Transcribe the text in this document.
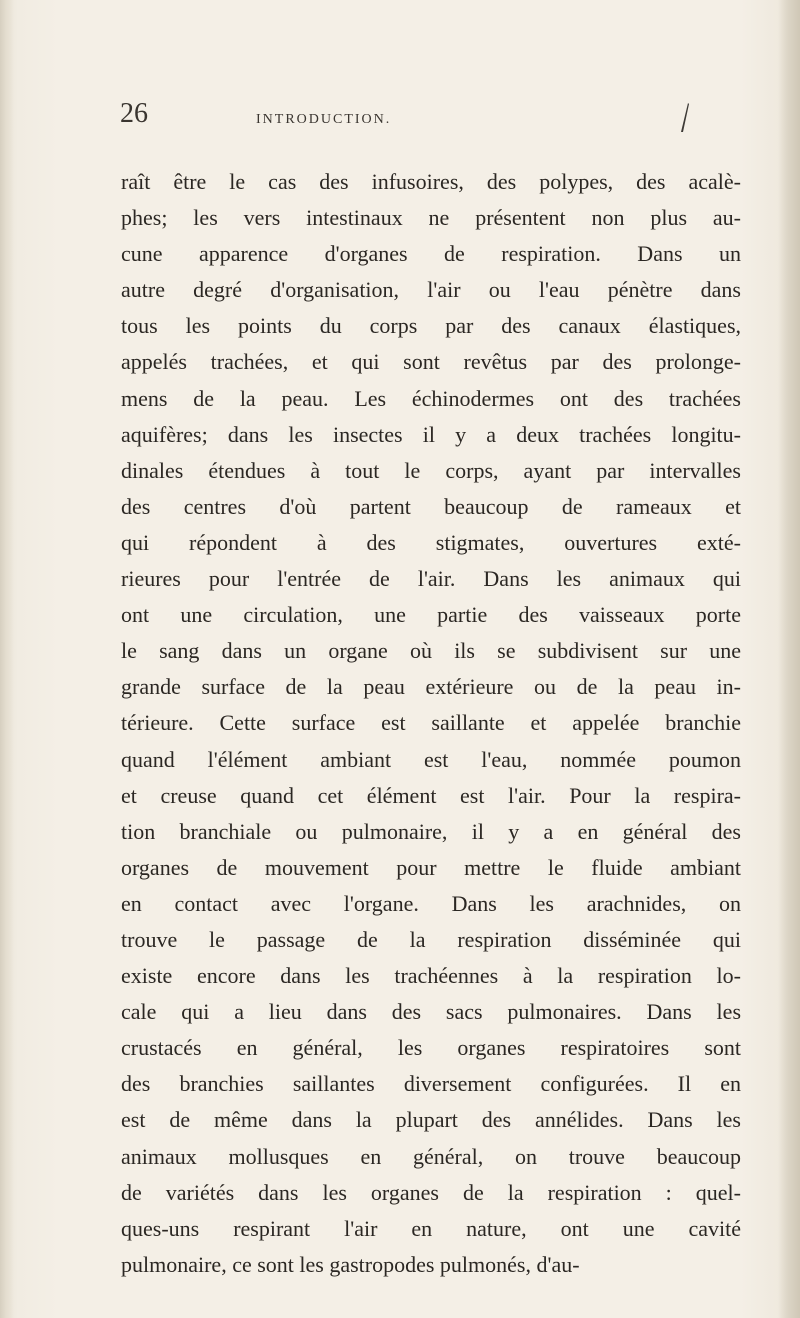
26	INTRODUCTION.
raît être le cas des infusoires, des polypes, des acalè-
phes; les vers intestinaux ne présentent non plus au-
cune apparence d'organes de respiration. Dans un
autre degré d'organisation, l'air ou l'eau pénètre dans
tous les points du corps par des canaux élastiques,
appelés trachées, et qui sont revêtus par des prolonge-
mens de la peau. Les échinodermes ont des trachées
aquifères; dans les insectes il y a deux trachées longitu-
dinales étendues à tout le corps, ayant par intervalles
des centres d'où partent beaucoup de rameaux et
qui répondent à des stigmates, ouvertures exté-
rieures pour l'entrée de l'air. Dans les animaux qui
ont une circulation, une partie des vaisseaux porte
le sang dans un organe où ils se subdivisent sur une
grande surface de la peau extérieure ou de la peau in-
térieure. Cette surface est saillante et appelée branchie
quand l'élément ambiant est l'eau, nommée poumon
et creuse quand cet élément est l'air. Pour la respira-
tion branchiale ou pulmonaire, il y a en général des
organes de mouvement pour mettre le fluide ambiant
en contact avec l'organe. Dans les arachnides, on
trouve le passage de la respiration disséminée qui
existe encore dans les trachéennes à la respiration lo-
cale qui a lieu dans des sacs pulmonaires. Dans les
crustacés en général, les organes respiratoires sont
des branchies saillantes diversement configurées. Il en
est de même dans la plupart des annélides. Dans les
animaux mollusques en général, on trouve beaucoup
de variétés dans les organes de la respiration : quel-
ques-uns respirant l'air en nature, ont une cavité
pulmonaire, ce sont les gastropodes pulmonés, d'au-
